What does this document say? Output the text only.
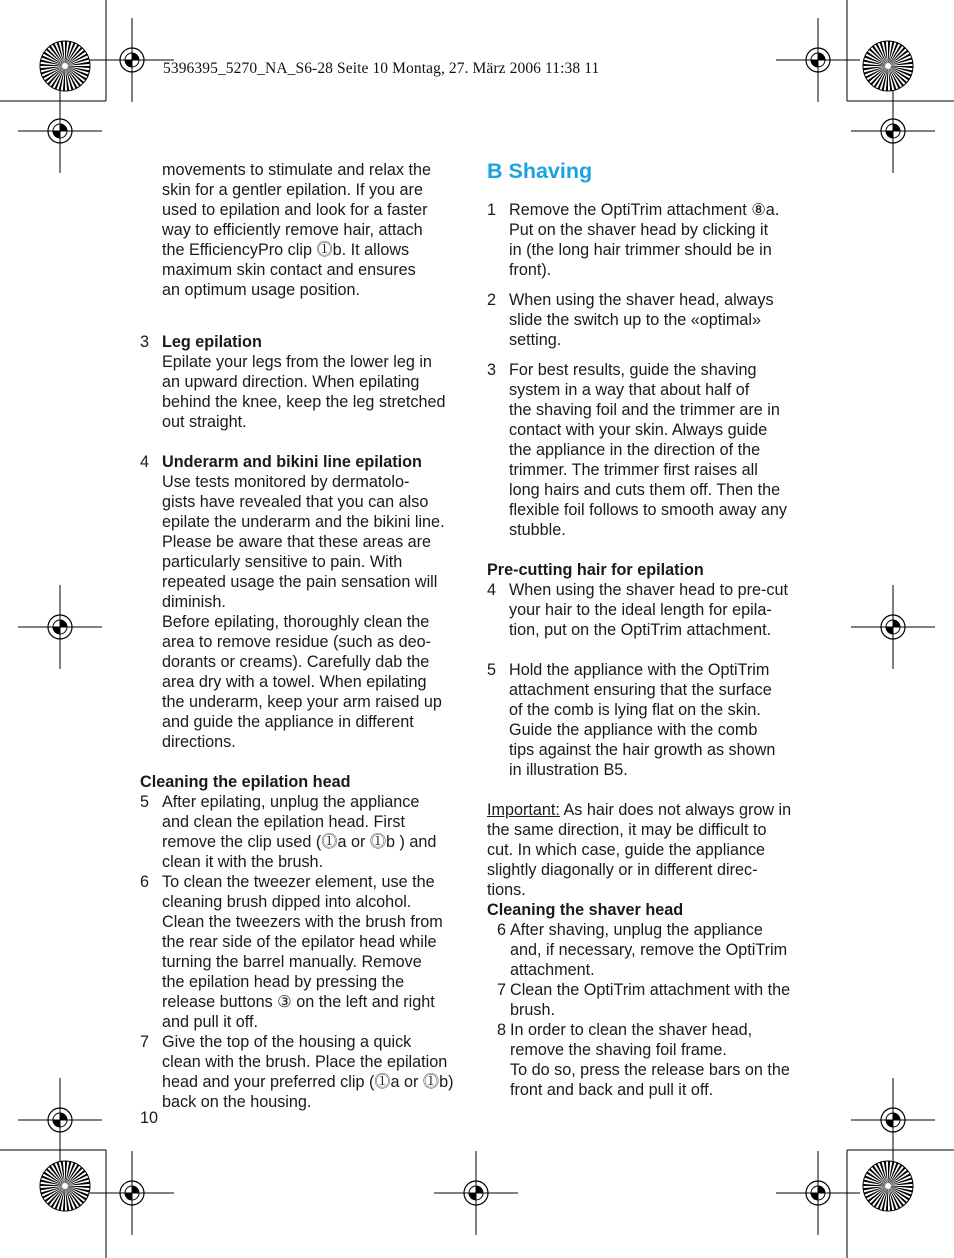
5396395_5270_NA_S6-28 Seite 10 Montag, 27. März 2006 11:38 11
movements to stimulate and relax the
skin for a gentler epilation. If you are
used to epilation and look for a faster
way to efficiently remove hair, attach
the EfficiencyPro clip ⓵b. It allows
maximum skin contact and ensures
an optimum usage position.
3 Leg epilation
Epilate your legs from the lower leg in
an upward direction. When epilating
behind the knee, keep the leg stretched
out straight.
4 Underarm and bikini line epilation
Use tests monitored by dermatolo-
gists have revealed that you can also
epilate the underarm and the bikini line.
Please be aware that these areas are
particularly sensitive to pain. With
repeated usage the pain sensation will
diminish.
Before epilating, thoroughly clean the
area to remove residue (such as deo-
dorants or creams). Carefully dab the
area dry with a towel. When epilating
the underarm, keep your arm raised up
and guide the appliance in different
directions.
Cleaning the epilation head
5 After epilating, unplug the appliance
and clean the epilation head. First
remove the clip used (⓵a or ⓵b ) and
clean it with the brush.
6 To clean the tweezer element, use the
cleaning brush dipped into alcohol.
Clean the tweezers with the brush from
the rear side of the epilator head while
turning the barrel manually. Remove
the epilation head by pressing the
release buttons ③ on the left and right
and pull it off.
7 Give the top of the housing a quick
clean with the brush. Place the epilation
head and your preferred clip (⓵a or ⓵b)
back on the housing.
B Shaving
1 Remove the OptiTrim attachment ⑧a.
Put on the shaver head by clicking it
in (the long hair trimmer should be in
front).
2 When using the shaver head, always
slide the switch up to the «optimal»
setting.
3 For best results, guide the shaving
system in a way that about half of
the shaving foil and the trimmer are in
contact with your skin. Always guide
the appliance in the direction of the
trimmer. The trimmer first raises all
long hairs and cuts them off. Then the
flexible foil follows to smooth away any
stubble.
Pre-cutting hair for epilation
4 When using the shaver head to pre-cut
your hair to the ideal length for epila-
tion, put on the OptiTrim attachment.
5 Hold the appliance with the OptiTrim
attachment ensuring that the surface
of the comb is lying flat on the skin.
Guide the appliance with the comb
tips against the hair growth as shown
in illustration B5.
Important: As hair does not always grow in
the same direction, it may be difficult to
cut. In which case, guide the appliance
slightly diagonally or in different direc-
tions.
Cleaning the shaver head
6 After shaving, unplug the appliance
and, if necessary, remove the OptiTrim
attachment.
7 Clean the OptiTrim attachment with the
brush.
8 In order to clean the shaver head,
remove the shaving foil frame.
To do so, press the release bars on the
front and back and pull it off.
10
